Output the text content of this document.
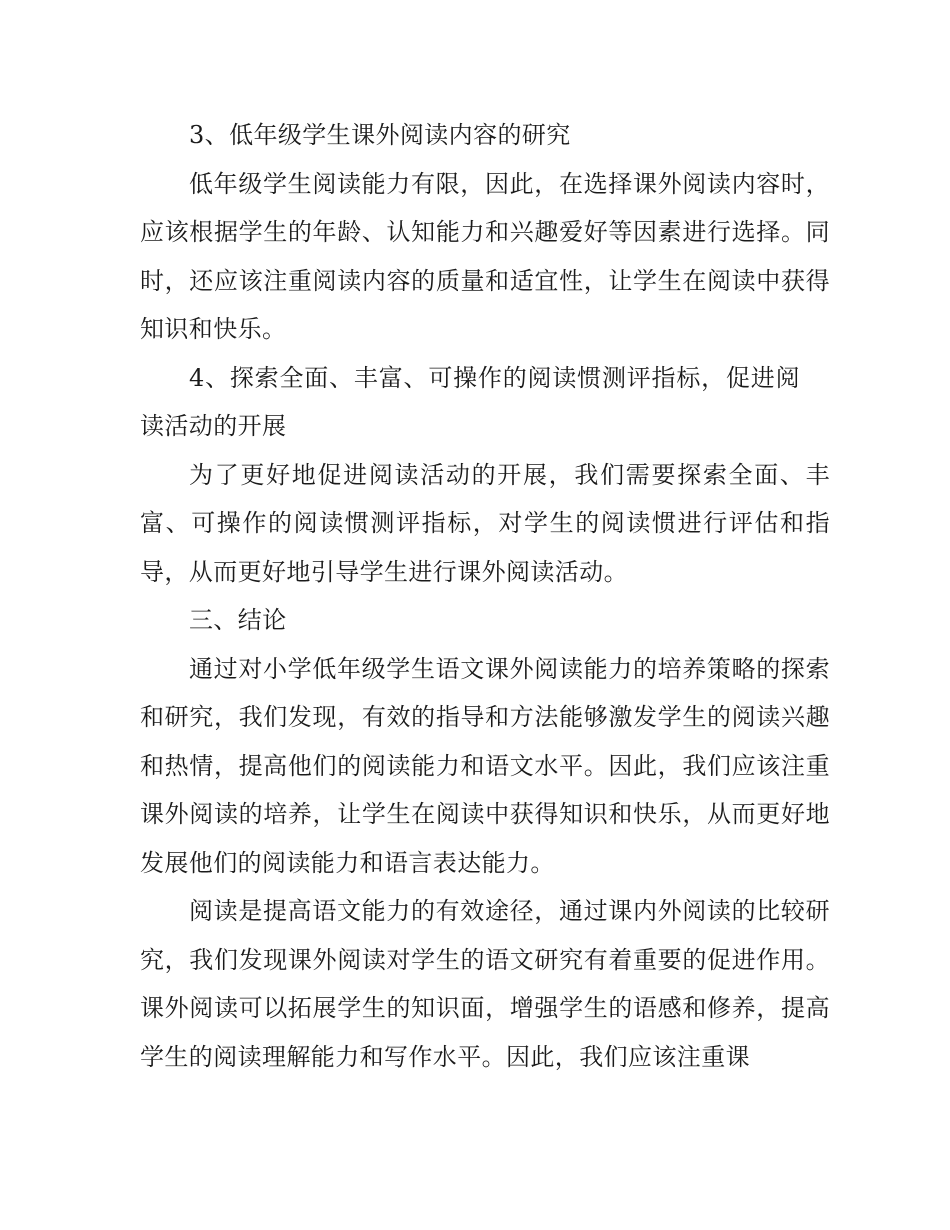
3、低年级学生课外阅读内容的研究

低年级学生阅读能力有限，因此，在选择课外阅读内容时，应该根据学生的年龄、认知能力和兴趣爱好等因素进行选择。同时，还应该注重阅读内容的质量和适宜性，让学生在阅读中获得知识和快乐。

4、探索全面、丰富、可操作的阅读惯测评指标，促进阅读活动的开展

为了更好地促进阅读活动的开展，我们需要探索全面、丰富、可操作的阅读惯测评指标，对学生的阅读惯进行评估和指导，从而更好地引导学生进行课外阅读活动。

三、结论

通过对小学低年级学生语文课外阅读能力的培养策略的探索和研究，我们发现，有效的指导和方法能够激发学生的阅读兴趣和热情，提高他们的阅读能力和语文水平。因此，我们应该注重课外阅读的培养，让学生在阅读中获得知识和快乐，从而更好地发展他们的阅读能力和语言表达能力。

阅读是提高语文能力的有效途径，通过课内外阅读的比较研究，我们发现课外阅读对学生的语文研究有着重要的促进作用。课外阅读可以拓展学生的知识面，增强学生的语感和修养，提高学生的阅读理解能力和写作水平。因此，我们应该注重课
